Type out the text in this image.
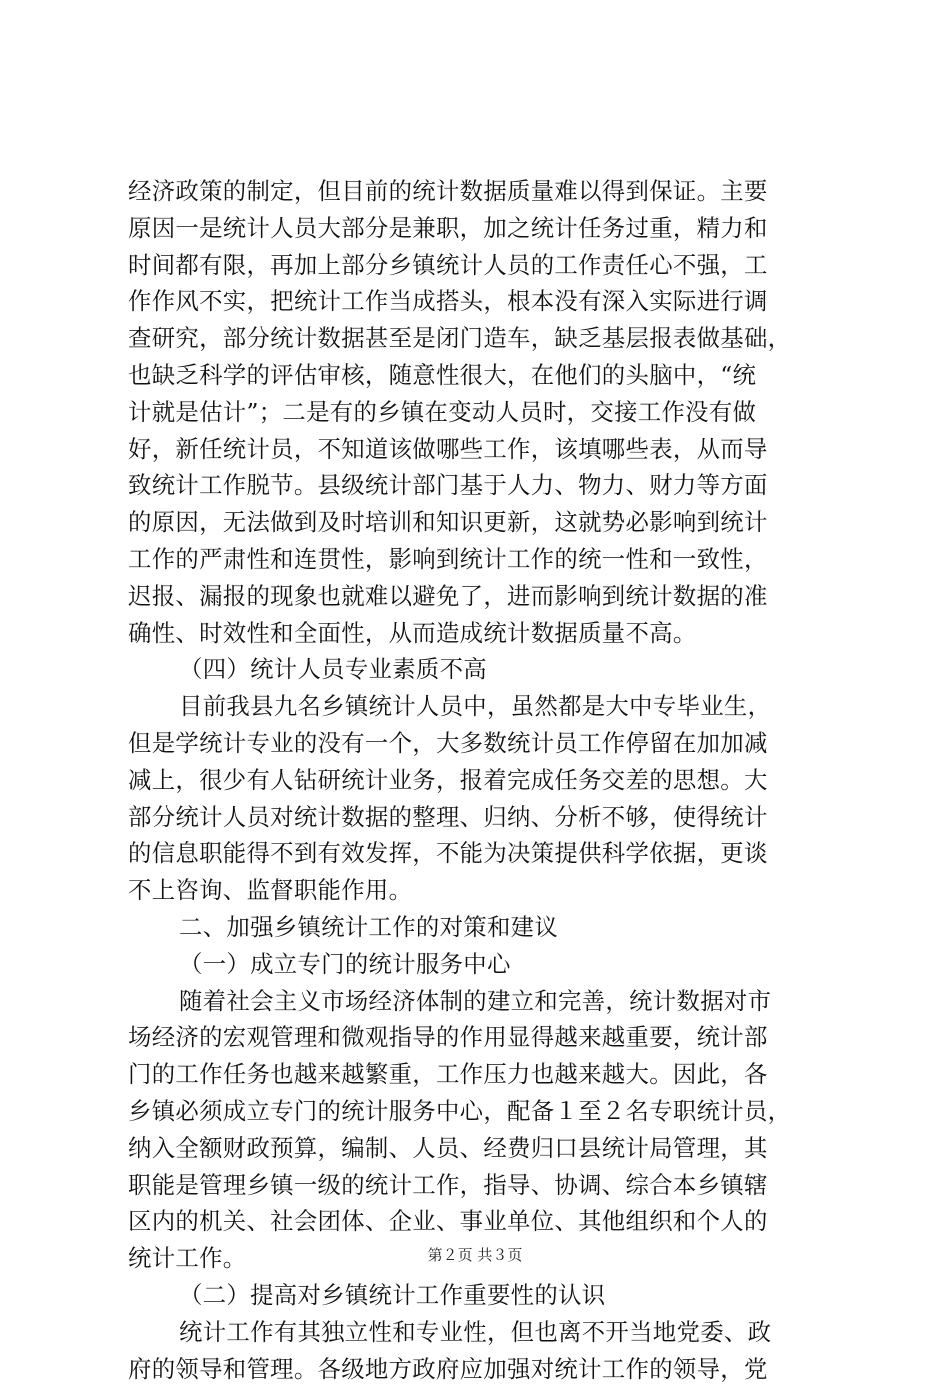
经济政策的制定，但目前的统计数据质量难以得到保证。主要
原因一是统计人员大部分是兼职，加之统计任务过重，精力和
时间都有限，再加上部分乡镇统计人员的工作责任心不强，工
作作风不实，把统计工作当成搭头，根本没有深入实际进行调
查研究，部分统计数据甚至是闭门造车，缺乏基层报表做基础，
也缺乏科学的评估审核，随意性很大，在他们的头脑中，“统
计就是估计”；二是有的乡镇在变动人员时，交接工作没有做
好，新任统计员，不知道该做哪些工作，该填哪些表，从而导
致统计工作脱节。县级统计部门基于人力、物力、财力等方面
的原因，无法做到及时培训和知识更新，这就势必影响到统计
工作的严肃性和连贯性，影响到统计工作的统一性和一致性，
迟报、漏报的现象也就难以避免了，进而影响到统计数据的准
确性、时效性和全面性，从而造成统计数据质量不高。
（四）统计人员专业素质不高
目前我县九名乡镇统计人员中，虽然都是大中专毕业生，
但是学统计专业的没有一个，大多数统计员工作停留在加加减
减上，很少有人钻研统计业务，报着完成任务交差的思想。大
部分统计人员对统计数据的整理、归纳、分析不够，使得统计
的信息职能得不到有效发挥，不能为决策提供科学依据，更谈
不上咨询、监督职能作用。
二、加强乡镇统计工作的对策和建议
（一）成立专门的统计服务中心
随着社会主义市场经济体制的建立和完善，统计数据对市
场经济的宏观管理和微观指导的作用显得越来越重要，统计部
门的工作任务也越来越繁重，工作压力也越来越大。因此，各
乡镇必须成立专门的统计服务中心，配备１至２名专职统计员，
纳入全额财政预算，编制、人员、经费归口县统计局管理，其
职能是管理乡镇一级的统计工作，指导、协调、综合本乡镇辖
区内的机关、社会团体、企业、事业单位、其他组织和个人的
统计工作。
（二）提高对乡镇统计工作重要性的认识
统计工作有其独立性和专业性，但也离不开当地党委、政
府的领导和管理。各级地方政府应加强对统计工作的领导，党
第２页 共３页
